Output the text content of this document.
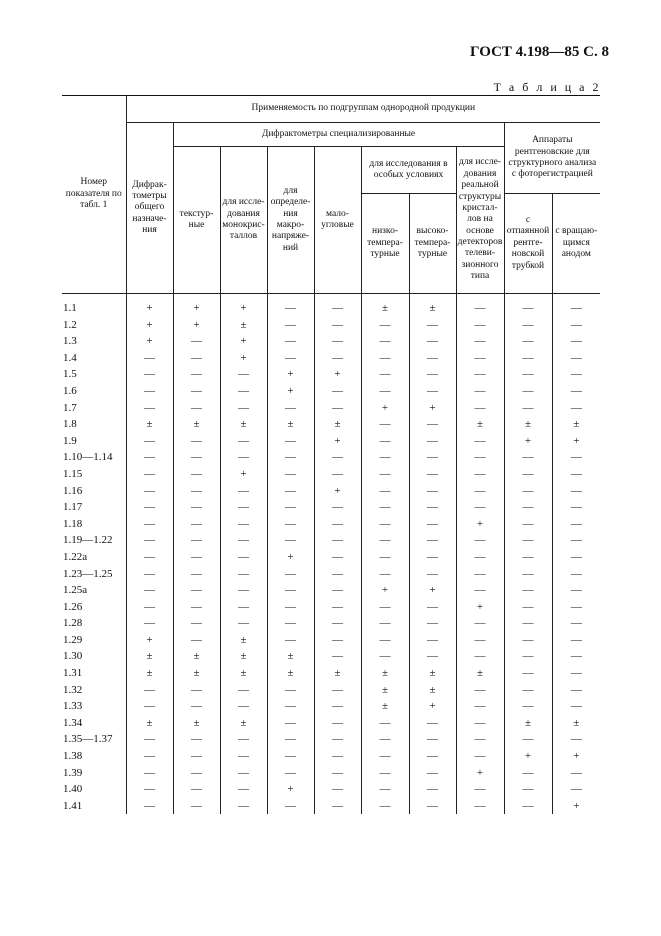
ГОСТ 4.198—85 С. 8
Т а б л и ц а 2
Номер показателя по табл. 1	Применяемость по подгруппам однородной продукции									
	Дифрак-тометры общего назначе-ния	Дифрактометры специализированные							Аппараты рентгеновские для структурного анализа с фоторегистрацией	
		текстур-ные	для иссле-дования монокрис-таллов	для определе-ния макро-напряже-ний	мало-угловые	для исследования в особых условиях		для иссле-дования реальной структуры кристал-лов на основе детекторов телеви-зионного типа		
						низко-темпера-турные	высоко-темпера-турные		с отпаянной рентге-новской трубкой	с вращаю-щимся анодом
1.1	+	+	+	—	—	±	±	—	—	—
1.2	+	+	±	—	—	—	—	—	—	—
1.3	+	—	+	—	—	—	—	—	—	—
1.4	—	—	+	—	—	—	—	—	—	—
1.5	—	—	—	+	+	—	—	—	—	—
1.6	—	—	—	+	—	—	—	—	—	—
1.7	—	—	—	—	—	+	+	—	—	—
1.8	±	±	±	±	±	—	—	±	±	±
1.9	—	—	—	—	+	—	—	—	+	+
1.10—1.14	—	—	—	—	—	—	—	—	—	—
1.15	—	—	+	—	—	—	—	—	—	—
1.16	—	—	—	—	+	—	—	—	—	—
1.17	—	—	—	—	—	—	—	—	—	—
1.18	—	—	—	—	—	—	—	+	—	—
1.19—1.22	—	—	—	—	—	—	—	—	—	—
1.22а	—	—	—	+	—	—	—	—	—	—
1.23—1.25	—	—	—	—	—	—	—	—	—	—
1.25а	—	—	—	—	—	+	+	—	—	—
1.26	—	—	—	—	—	—	—	+	—	—
1.28	—	—	—	—	—	—	—	—	—	—
1.29	+	—	±	—	—	—	—	—	—	—
1.30	±	±	±	±	—	—	—	—	—	—
1.31	±	±	±	±	±	±	±	±	—	—
1.32	—	—	—	—	—	±	±	—	—	—
1.33	—	—	—	—	—	±	+	—	—	—
1.34	±	±	±	—	—	—	—	—	±	±
1.35—1.37	—	—	—	—	—	—	—	—	—	—
1.38	—	—	—	—	—	—	—	—	+	+
1.39	—	—	—	—	—	—	—	+	—	—
1.40	—	—	—	+	—	—	—	—	—	—
1.41	—	—	—	—	—	—	—	—	—	+
